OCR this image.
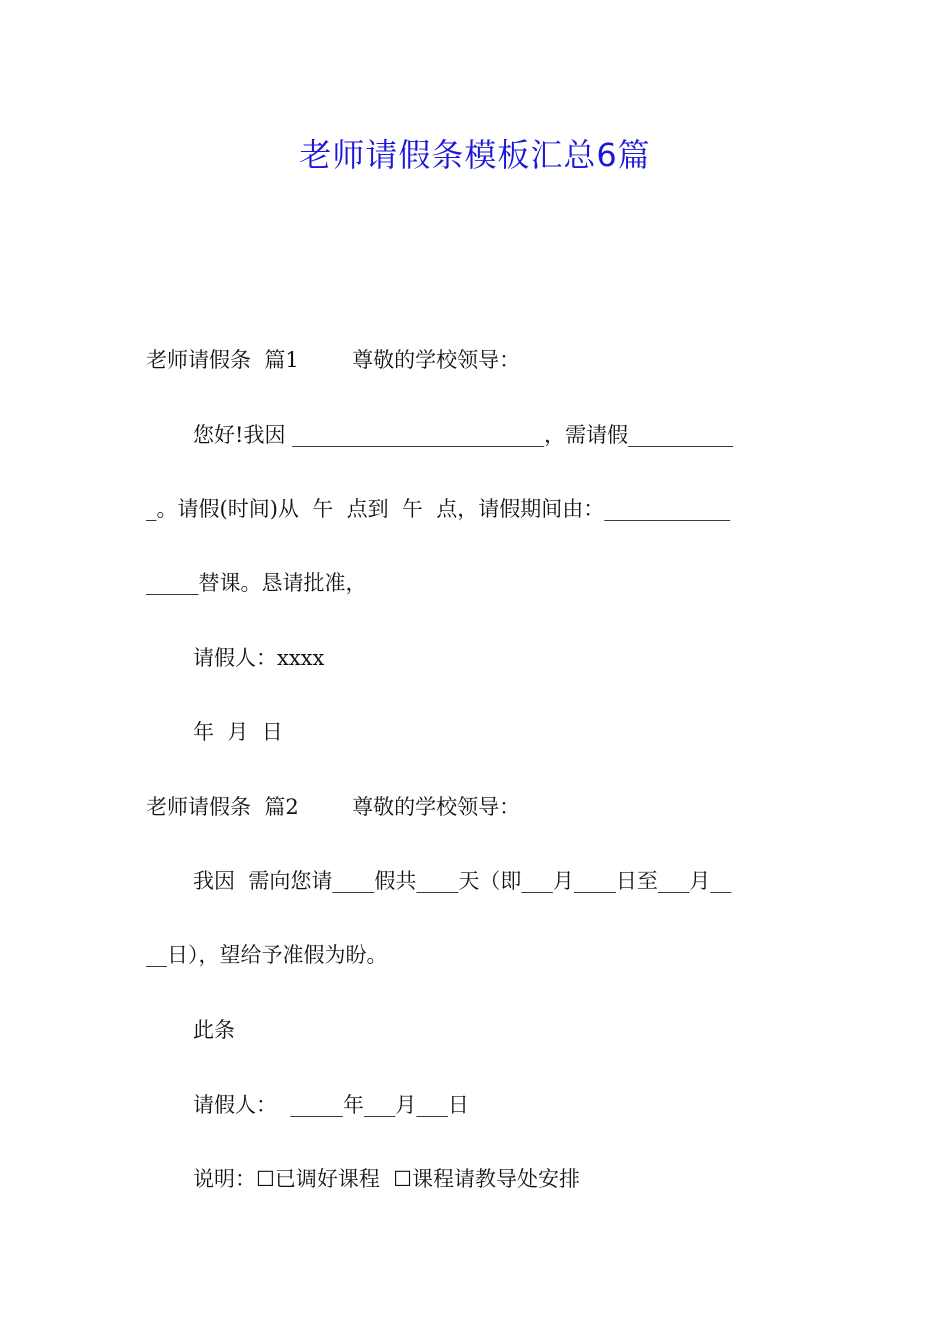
老师请假条模板汇总6篇
老师请假条  篇1        尊敬的学校领导：
您好!我因 ________________________，需请假__________
_。请假(时间)从  午  点到  午  点，请假期间由：____________
_____替课。恳请批准，
请假人：xxxx
年  月  日
老师请假条  篇2        尊敬的学校领导：
我因  需向您请____假共____天（即___月____日至___月__
__日），望给予准假为盼。
此条
请假人：  _____年___月___日
说明：☐已调好课程  ☐课程请教导处安排
